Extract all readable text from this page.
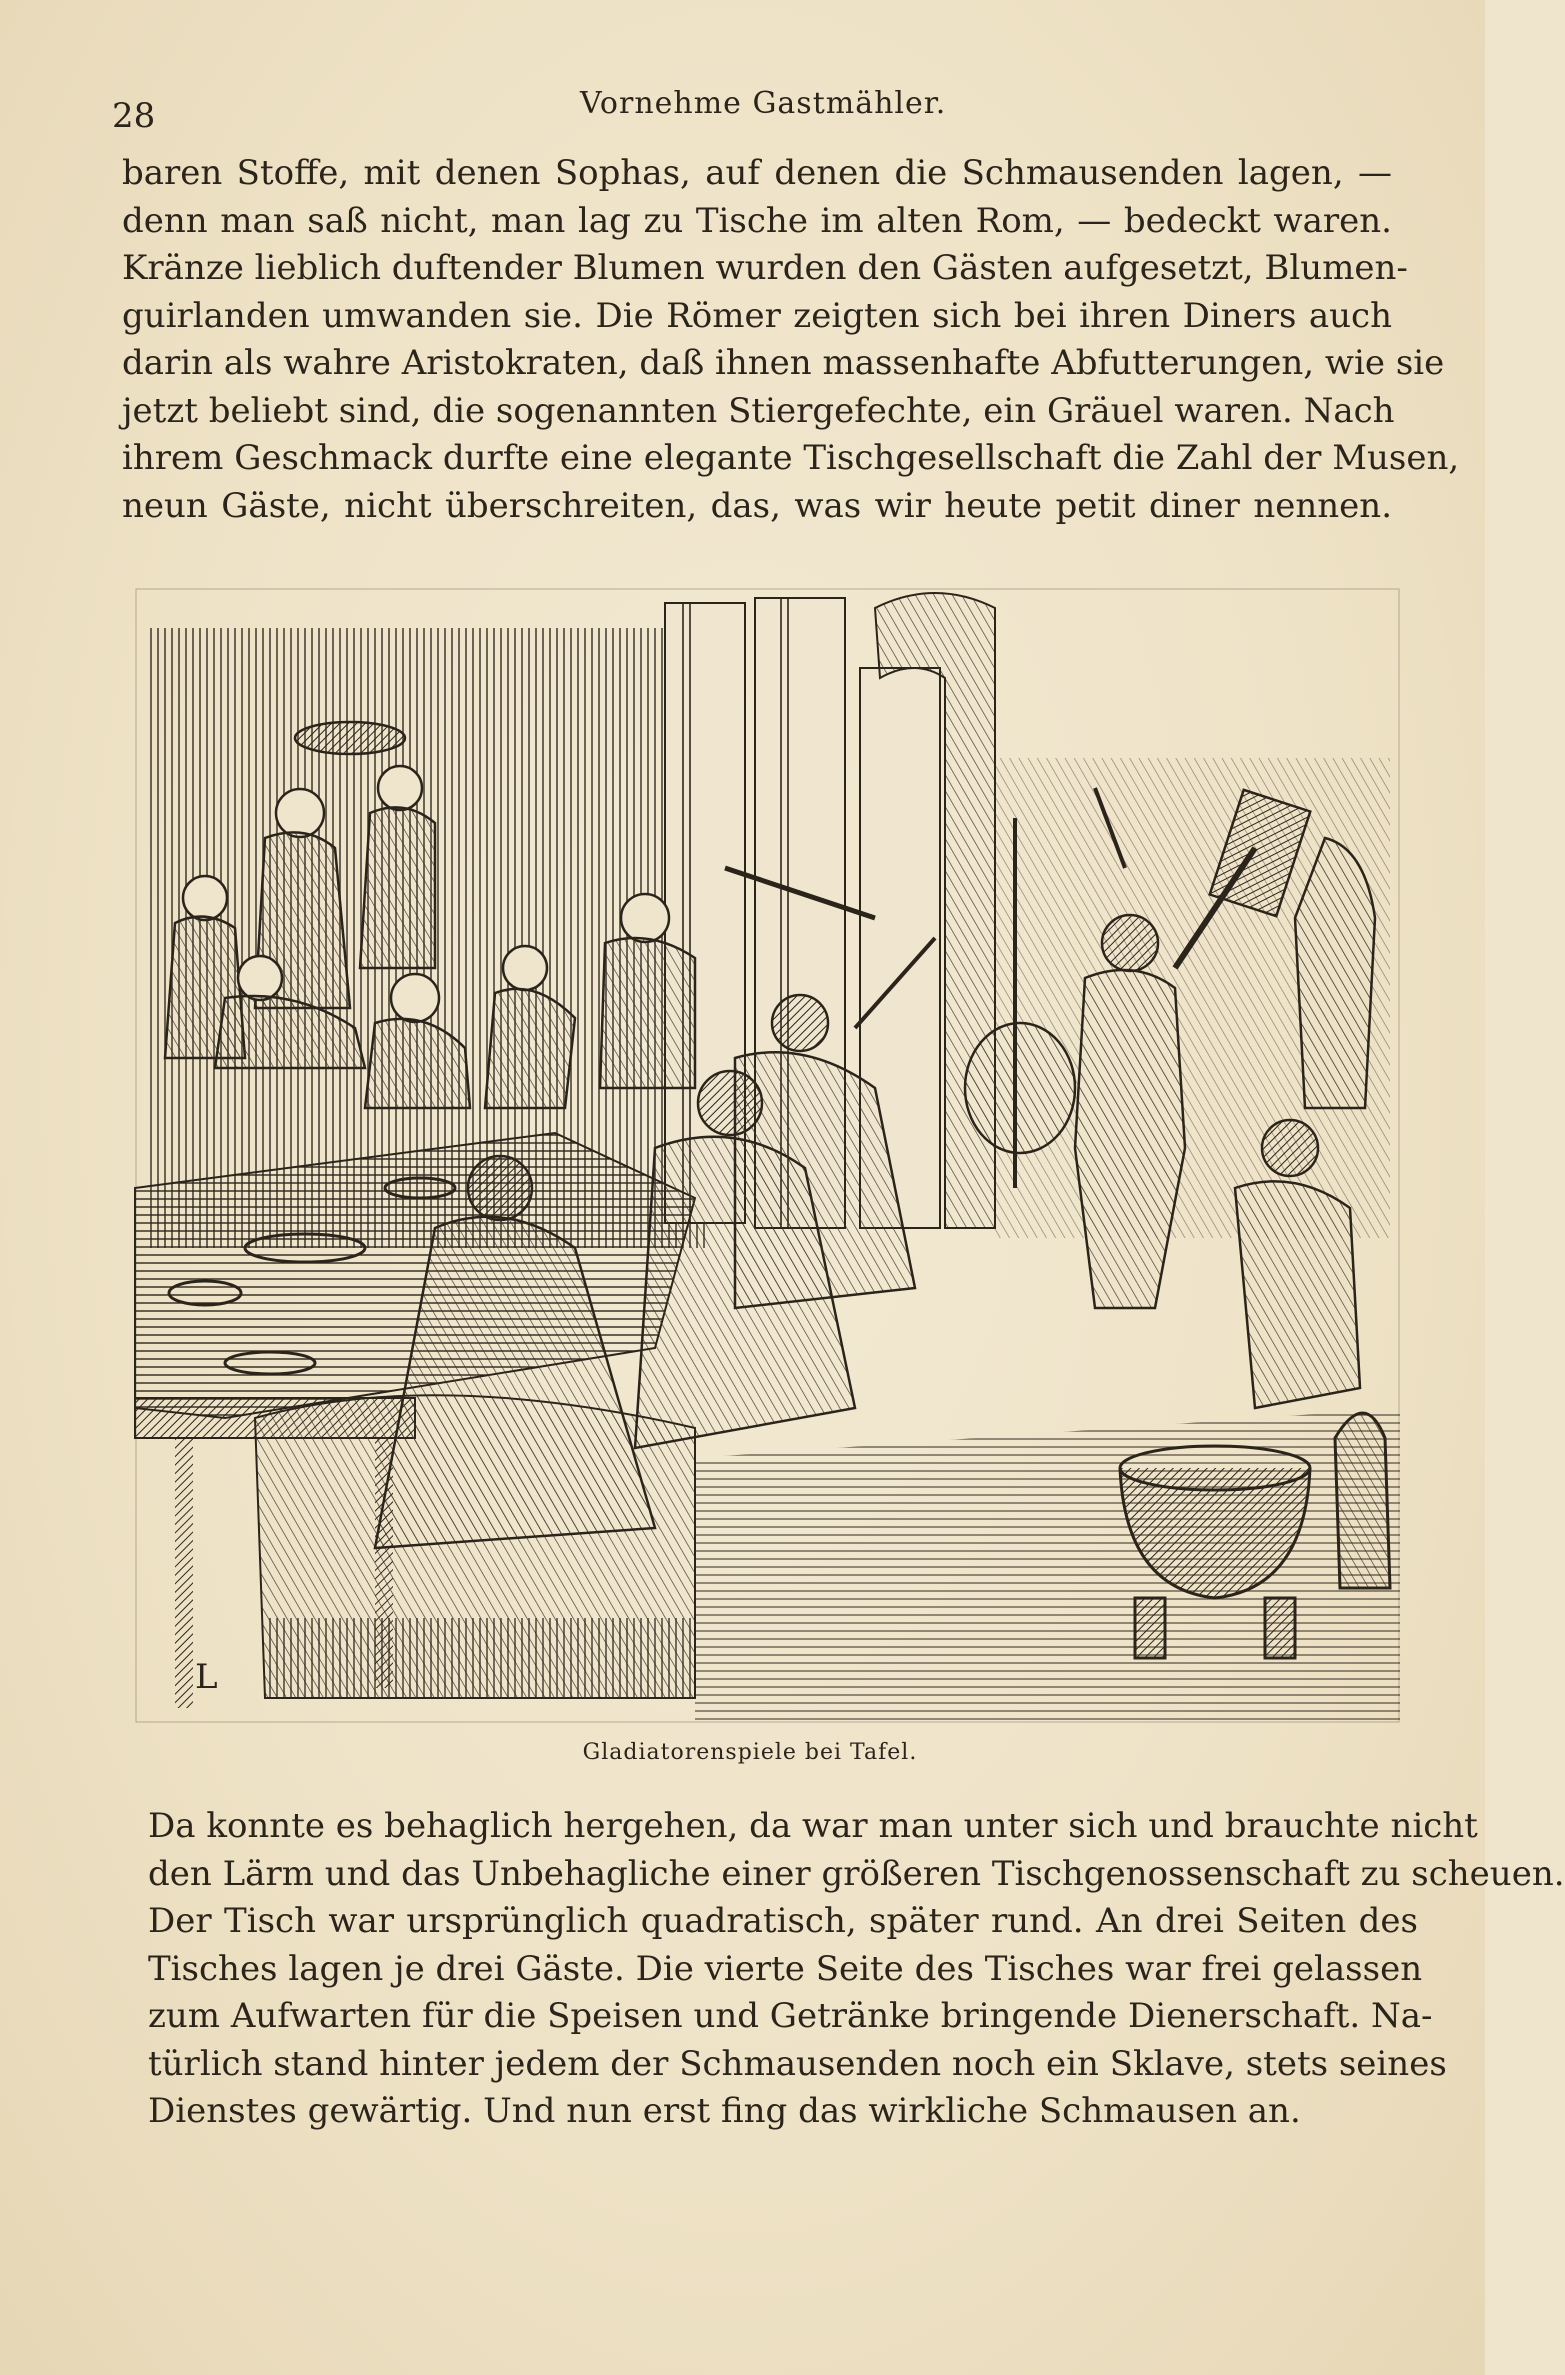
28	Vornehme Gastmähler.
baren Stoffe, mit denen Sophas, auf denen die Schmausenden lagen, —
denn man saß nicht, man lag zu Tische im alten Rom, — bedeckt waren.
Kränze lieblich duftender Blumen wurden den Gästen aufgesetzt, Blumen-
guirlanden umwanden sie. Die Römer zeigten sich bei ihren Diners auch
darin als wahre Aristokraten, daß ihnen massenhafte Abfutterungen, wie sie
jetzt beliebt sind, die sogenannten Stiergefechte, ein Gräuel waren. Nach
ihrem Geschmack durfte eine elegante Tischgesellschaft die Zahl der Musen,
neun Gäste, nicht überschreiten, das, was wir heute petit diner nennen.
L
Gladiatorenspiele bei Tafel.
Da konnte es behaglich hergehen, da war man unter sich und brauchte nicht
den Lärm und das Unbehagliche einer größeren Tischgenossenschaft zu scheuen.
Der Tisch war ursprünglich quadratisch, später rund. An drei Seiten des
Tisches lagen je drei Gäste. Die vierte Seite des Tisches war frei gelassen
zum Aufwarten für die Speisen und Getränke bringende Dienerschaft. Na-
türlich stand hinter jedem der Schmausenden noch ein Sklave, stets seines
Dienstes gewärtig. Und nun erst fing das wirkliche Schmausen an.
